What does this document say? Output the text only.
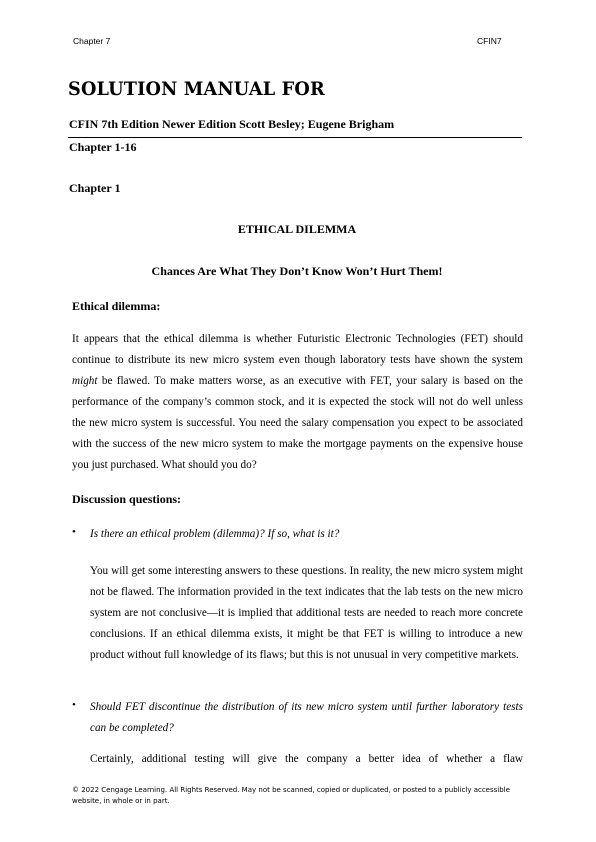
Chapter 7	CFIN7
SOLUTION MANUAL FOR
CFIN 7th Edition Newer Edition Scott Besley; Eugene Brigham
Chapter 1-16
Chapter 1
ETHICAL DILEMMA
Chances Are What They Don’t Know Won’t Hurt Them!
Ethical dilemma:

It appears that the ethical dilemma is whether Futuristic Electronic Technologies (FET) should continue to distribute its new micro system even though laboratory tests have shown the system might be flawed. To make matters worse, as an executive with FET, your salary is based on the performance of the company’s common stock, and it is expected the stock will not do well unless the new micro system is successful. You need the salary compensation you expect to be associated with the success of the new micro system to make the mortgage payments on the expensive house you just purchased. What should you do?

Discussion questions:
• Is there an ethical problem (dilemma)? If so, what is it?

You will get some interesting answers to these questions. In reality, the new micro system might not be flawed. The information provided in the text indicates that the lab tests on the new micro system are not conclusive—it is implied that additional tests are needed to reach more concrete conclusions. If an ethical dilemma exists, it might be that FET is willing to introduce a new product without full knowledge of its flaws; but this is not unusual in very competitive markets.

• Should FET discontinue the distribution of its new micro system until further laboratory tests can be completed?

Certainly, additional testing will give the company a better idea of whether a flaw

© 2022 Cengage Learning. All Rights Reserved. May not be scanned, copied or duplicated, or posted to a publicly accessible website, in whole or in part.
